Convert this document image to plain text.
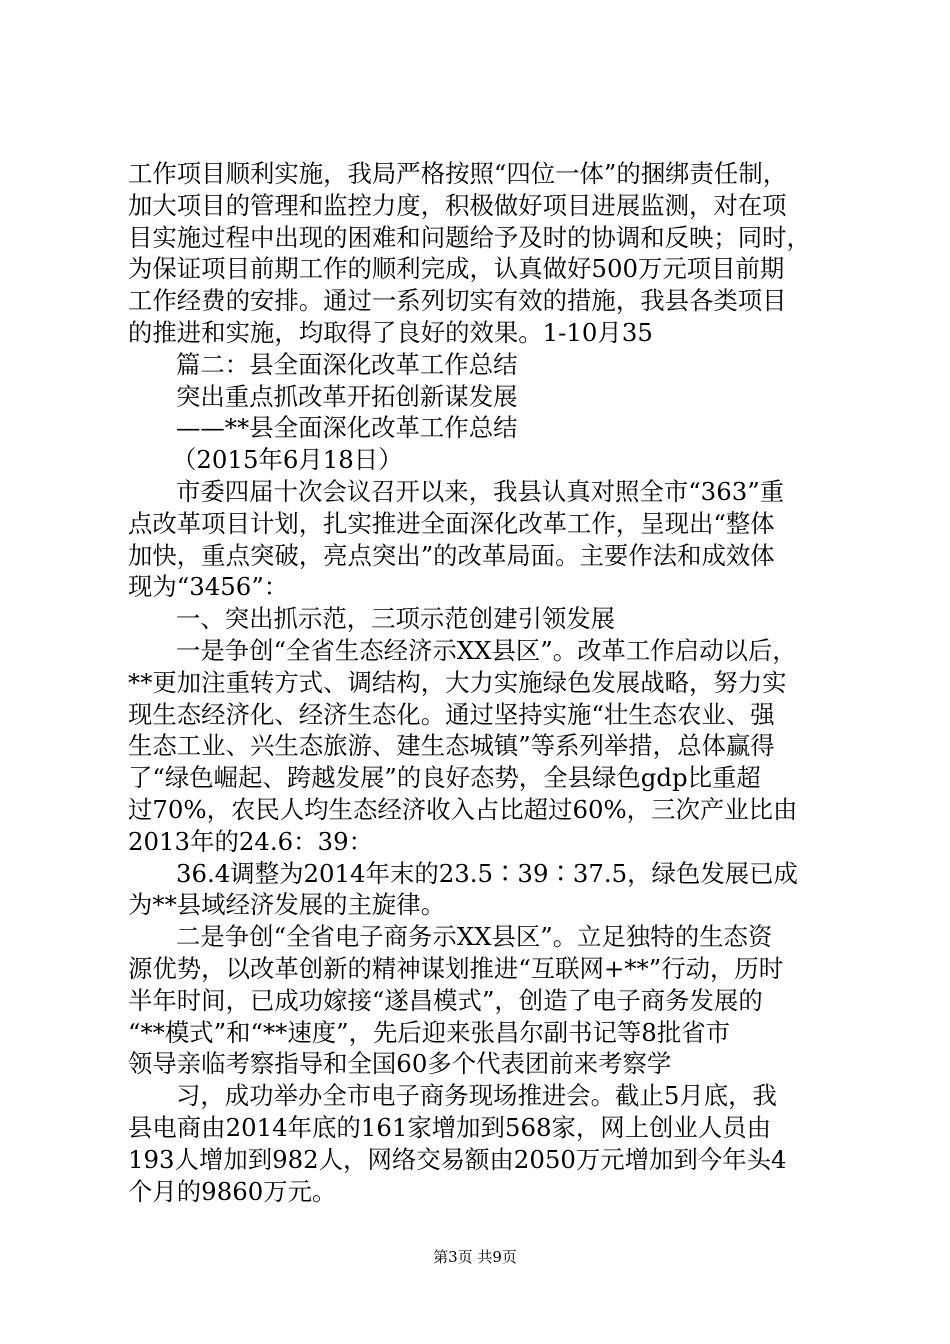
工作项目顺利实施，我局严格按照“四位一体”的捆绑责任制，
加大项目的管理和监控力度，积极做好项目进展监测，对在项
目实施过程中出现的困难和问题给予及时的协调和反映；同时，
为保证项目前期工作的顺利完成，认真做好500万元项目前期
工作经费的安排。通过一系列切实有效的措施，我县各类项目
的推进和实施，均取得了良好的效果。1-10月35
篇二：县全面深化改革工作总结
突出重点抓改革开拓创新谋发展
——**县全面深化改革工作总结
（2015年6月18日）
市委四届十次会议召开以来，我县认真对照全市“363”重
点改革项目计划，扎实推进全面深化改革工作，呈现出“整体
加快，重点突破，亮点突出”的改革局面。主要作法和成效体
现为“3456”：
一、突出抓示范，三项示范创建引领发展
一是争创“全省生态经济示XX县区”。改革工作启动以后，
**更加注重转方式、调结构，大力实施绿色发展战略，努力实
现生态经济化、经济生态化。通过坚持实施“壮生态农业、强
生态工业、兴生态旅游、建生态城镇”等系列举措，总体赢得
了“绿色崛起、跨越发展”的良好态势，全县绿色gdp比重超
过70%，农民人均生态经济收入占比超过60%，三次产业比由
2013年的24.6：39：
36.4调整为2014年末的23.5∶39∶37.5，绿色发展已成
为**县域经济发展的主旋律。
二是争创“全省电子商务示XX县区”。立足独特的生态资
源优势，以改革创新的精神谋划推进“互联网+**”行动，历时
半年时间，已成功嫁接“遂昌模式”，创造了电子商务发展的
“**模式”和“**速度”，先后迎来张昌尔副书记等8批省市
领导亲临考察指导和全国60多个代表团前来考察学
习，成功举办全市电子商务现场推进会。截止5月底，我
县电商由2014年底的161家增加到568家，网上创业人员由
193人增加到982人，网络交易额由2050万元增加到今年头4
个月的9860万元。
第3页 共9页
